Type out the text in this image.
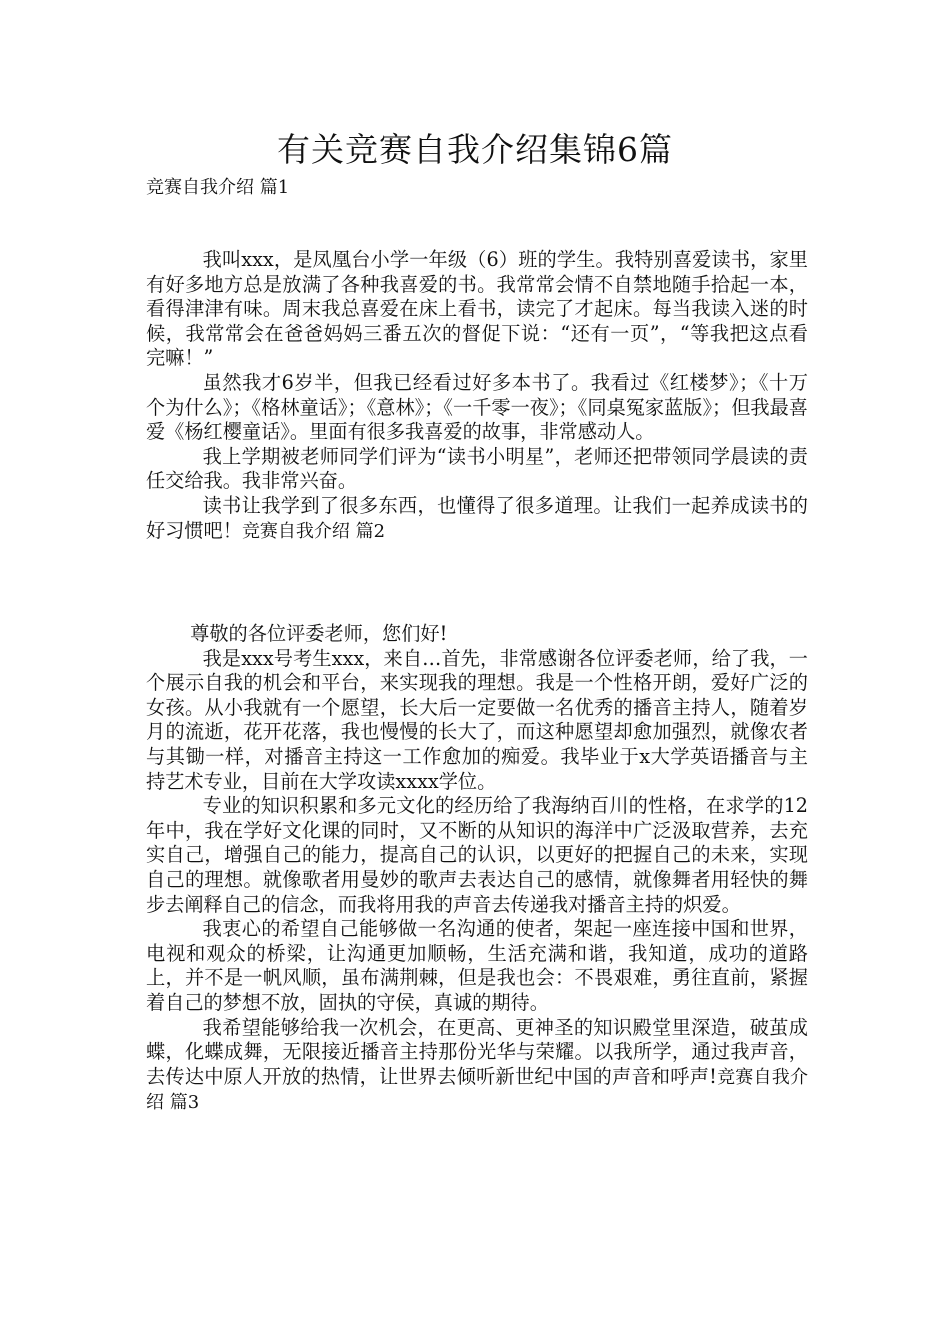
有关竞赛自我介绍集锦6篇
竞赛自我介绍 篇1

我叫xxx，是凤凰台小学一年级（6）班的学生。我特别喜爱读书，家里有好多地方总是放满了各种我喜爱的书。我常常会情不自禁地随手拾起一本，看得津津有味。周末我总喜爱在床上看书，读完了才起床。每当我读入迷的时候，我常常会在爸爸妈妈三番五次的督促下说：“还有一页”，“等我把这点看完嘛！”

虽然我才6岁半，但我已经看过好多本书了。我看过《红楼梦》；《十万个为什么》；《格林童话》；《意林》；《一千零一夜》；《同桌冤家蓝版》；但我最喜爱《杨红樱童话》。里面有很多我喜爱的故事，非常感动人。

我上学期被老师同学们评为“读书小明星”，老师还把带领同学晨读的责任交给我。我非常兴奋。

读书让我学到了很多东西，也懂得了很多道理。让我们一起养成读书的好习惯吧！竞赛自我介绍 篇2

尊敬的各位评委老师，您们好!

我是xxx号考生xxx，来自…首先，非常感谢各位评委老师，给了我，一个展示自我的机会和平台，来实现我的理想。我是一个性格开朗，爱好广泛的女孩。从小我就有一个愿望，长大后一定要做一名优秀的播音主持人，随着岁月的流逝，花开花落，我也慢慢的长大了，而这种愿望却愈加强烈，就像农者与其锄一样，对播音主持这一工作愈加的痴爱。我毕业于x大学英语播音与主持艺术专业，目前在大学攻读xxxx学位。

专业的知识积累和多元文化的经历给了我海纳百川的性格，在求学的12年中，我在学好文化课的同时，又不断的从知识的海洋中广泛汲取营养，去充实自己，增强自己的能力，提高自己的认识，以更好的把握自己的未来，实现自己的理想。就像歌者用曼妙的歌声去表达自己的感情，就像舞者用轻快的舞步去阐释自己的信念，而我将用我的声音去传递我对播音主持的炽爱。

我衷心的希望自己能够做一名沟通的使者，架起一座连接中国和世界，电视和观众的桥梁，让沟通更加顺畅，生活充满和谐，我知道，成功的道路上，并不是一帆风顺，虽布满荆棘，但是我也会：不畏艰难，勇往直前，紧握着自己的梦想不放，固执的守侯，真诚的期待。

我希望能够给我一次机会，在更高、更神圣的知识殿堂里深造，破茧成蝶，化蝶成舞，无限接近播音主持那份光华与荣耀。以我所学，通过我声音，去传达中原人开放的热情，让世界去倾听新世纪中国的声音和呼声!竞赛自我介绍 篇3
